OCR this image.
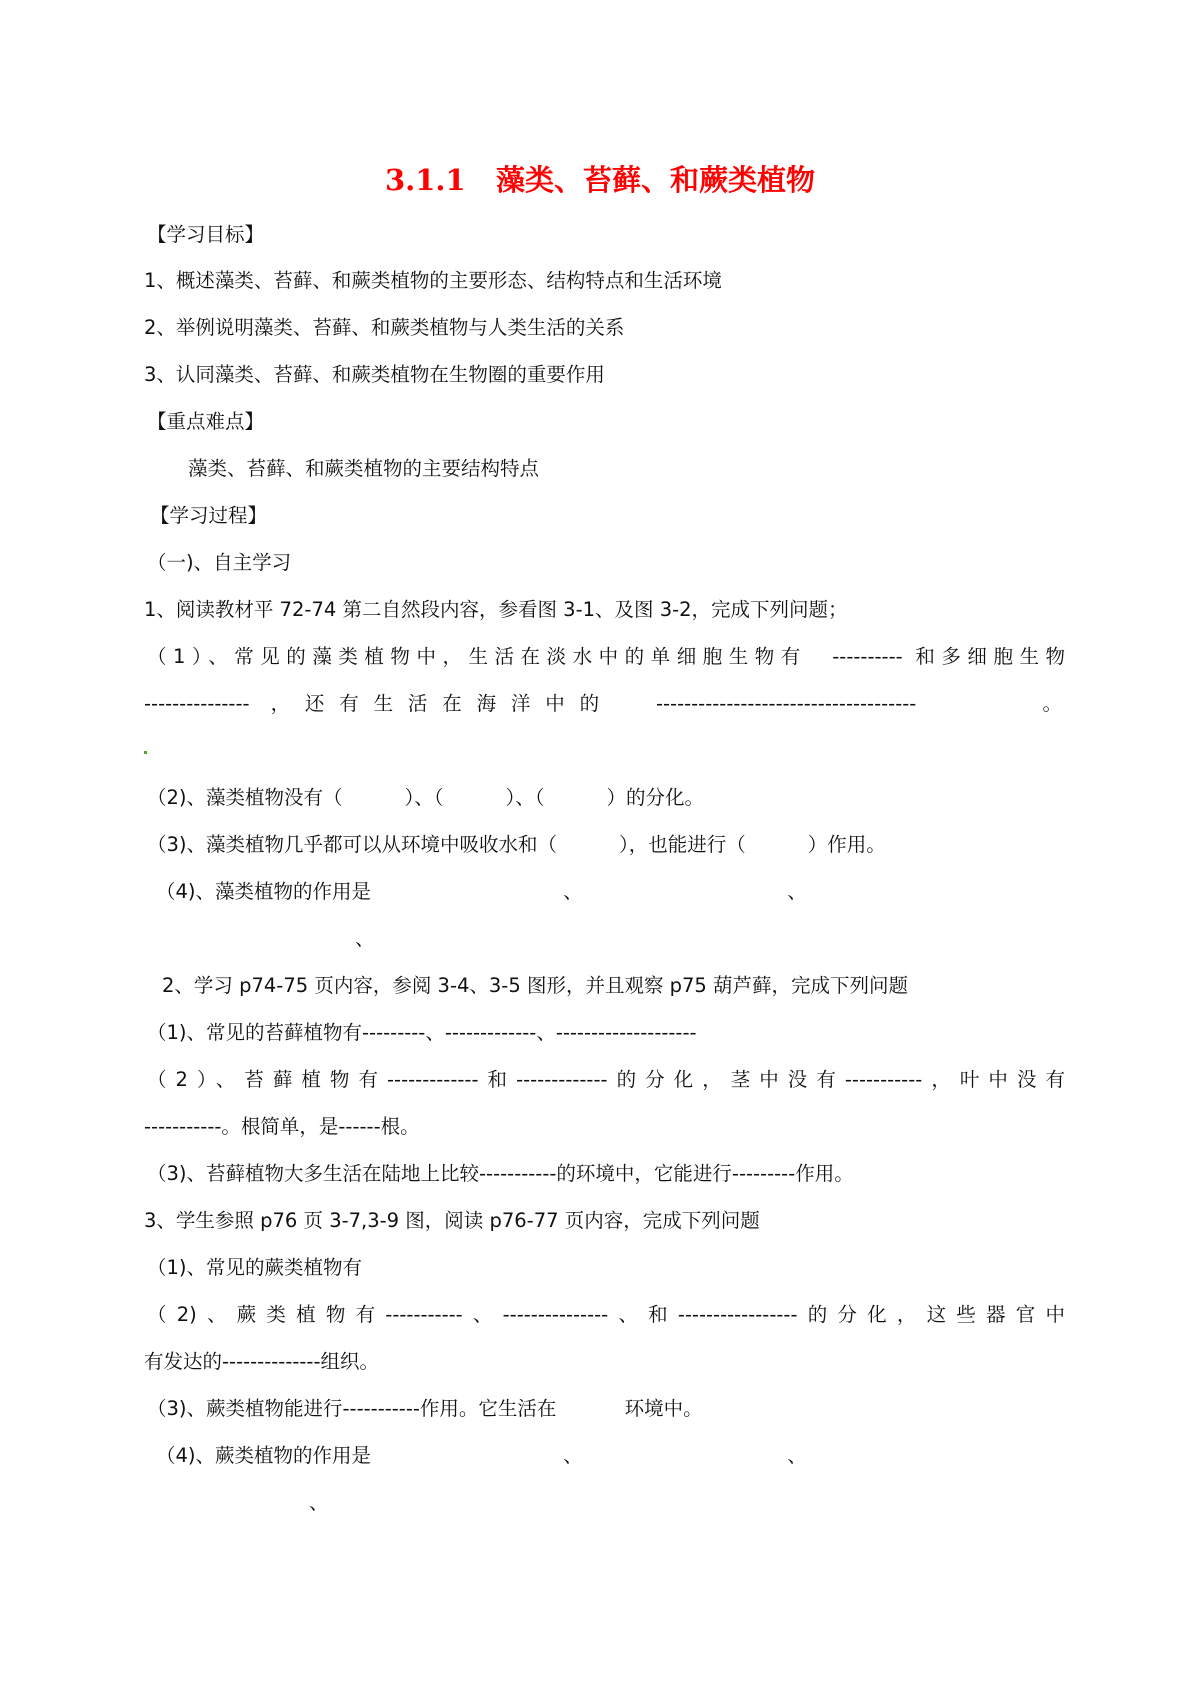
3.1.1   藻类、苔藓、和蕨类植物
【学习目标】
1、概述藻类、苔藓、和蕨类植物的主要形态、结构特点和生活环境
2、举例说明藻类、苔藓、和蕨类植物与人类生活的关系
3、认同藻类、苔藓、和蕨类植物在生物圈的重要作用
【重点难点】
藻类、苔藓、和蕨类植物的主要结构特点
【学习过程】
（一)、自主学习
1、阅读教材平 72-74 第二自然段内容，参看图 3-1、及图 3-2，完成下列问题；
（1）、常见的藻类植物中，生活在淡水中的单细胞生物有  ---------- 和多细胞生物
--------------- ，还有生活在海洋中的  -------------------------------------      。
（2)、藻类植物没有（          ）、（          ）、（          ）的分化。
（3)、藻类植物几乎都可以从环境中吸收水和（          ），也能进行（          ）作用。
（4)、藻类植物的作用是                               、                                 、
、
2、学习 p74-75 页内容，参阅 3-4、3-5 图形，并且观察 p75 葫芦藓，完成下列问题
（1)、常见的苔藓植物有---------、-------------、--------------------
（2）、苔藓植物有-------------和-------------的分化，茎中没有-----------，叶中没有
-----------。根简单，是------根。
（3)、苔藓植物大多生活在陆地上比较-----------的环境中，它能进行---------作用。
3、学生参照 p76 页 3-7,3-9 图，阅读 p76-77 页内容，完成下列问题
（1)、常见的蕨类植物有
（2)、蕨类植物有-----------、---------------、和-----------------的分化，这些器官中
有发达的--------------组织。
（3)、蕨类植物能进行-----------作用。它生活在           环境中。
（4)、蕨类植物的作用是                               、                                 、
、
